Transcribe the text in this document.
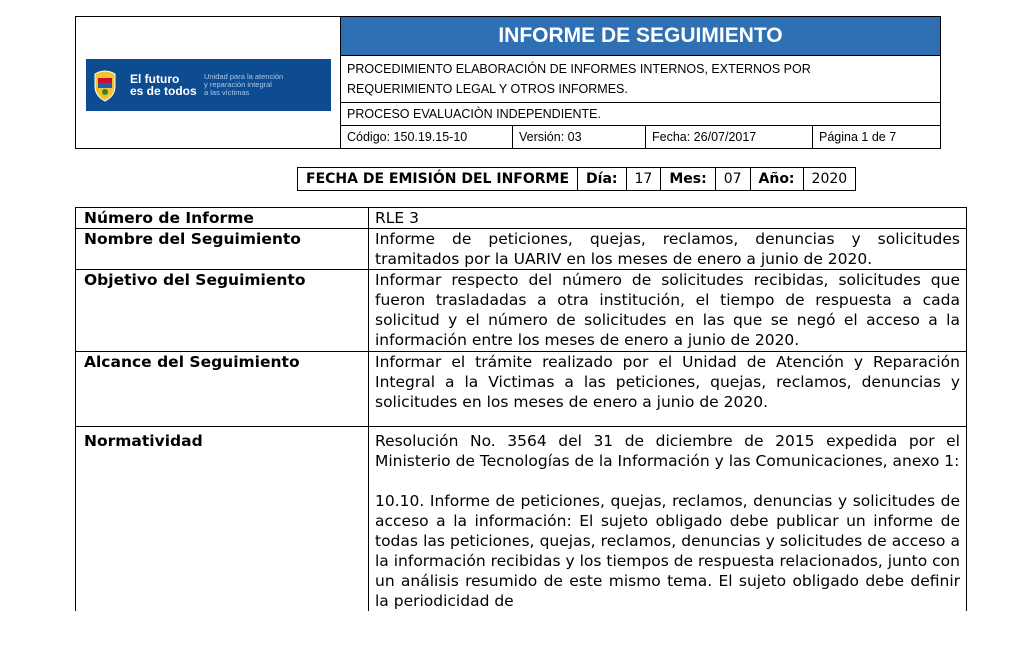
El futuro
es de todos
Unidad para la atención
y reparación integral
a las víctimas	INFORME DE SEGUIMIENTO			

	PROCEDIMIENTO ELABORACIÓN DE INFORMES INTERNOS, EXTERNOS POR
REQUERIMIENTO LEGAL Y OTROS INFORMES.			

	PROCESO EVALUACIÒN INDEPENDIENTE.			
	Código: 150.19.15-10	Versión: 03	Fecha: 26/07/2017	Página 1 de 7
FECHA DE EMISIÓN DEL INFORME	Día:	17	Mes:	07	Año:	2020
Número de Informe	RLE 3
Nombre del Seguimiento	Informe de peticiones, quejas, reclamos, denuncias y solicitudes tramitados por la UARIV en los meses de enero a junio de 2020.
Objetivo del Seguimiento	Informar respecto del número de solicitudes recibidas, solicitudes que fueron trasladadas a otra institución, el tiempo de respuesta a cada solicitud y el número de solicitudes en las que se negó el acceso a la información entre los meses de enero a junio de 2020.
Alcance del Seguimiento	Informar el trámite realizado por el Unidad de Atención y Reparación Integral a la Victimas a las peticiones, quejas, reclamos, denuncias y solicitudes en los meses de enero a junio de 2020.
Normatividad	Resolución No. 3564 del 31 de diciembre de 2015 expedida por el Ministerio de Tecnologías de la Información y las Comunicaciones, anexo 1:

10.10. Informe de peticiones, quejas, reclamos, denuncias y solicitudes de acceso a la información: El sujeto obligado debe publicar un informe de todas las peticiones, quejas, reclamos, denuncias y solicitudes de acceso a la información recibidas y los tiempos de respuesta relacionados, junto con un análisis resumido de este mismo tema. El sujeto obligado debe definir la periodicidad de
